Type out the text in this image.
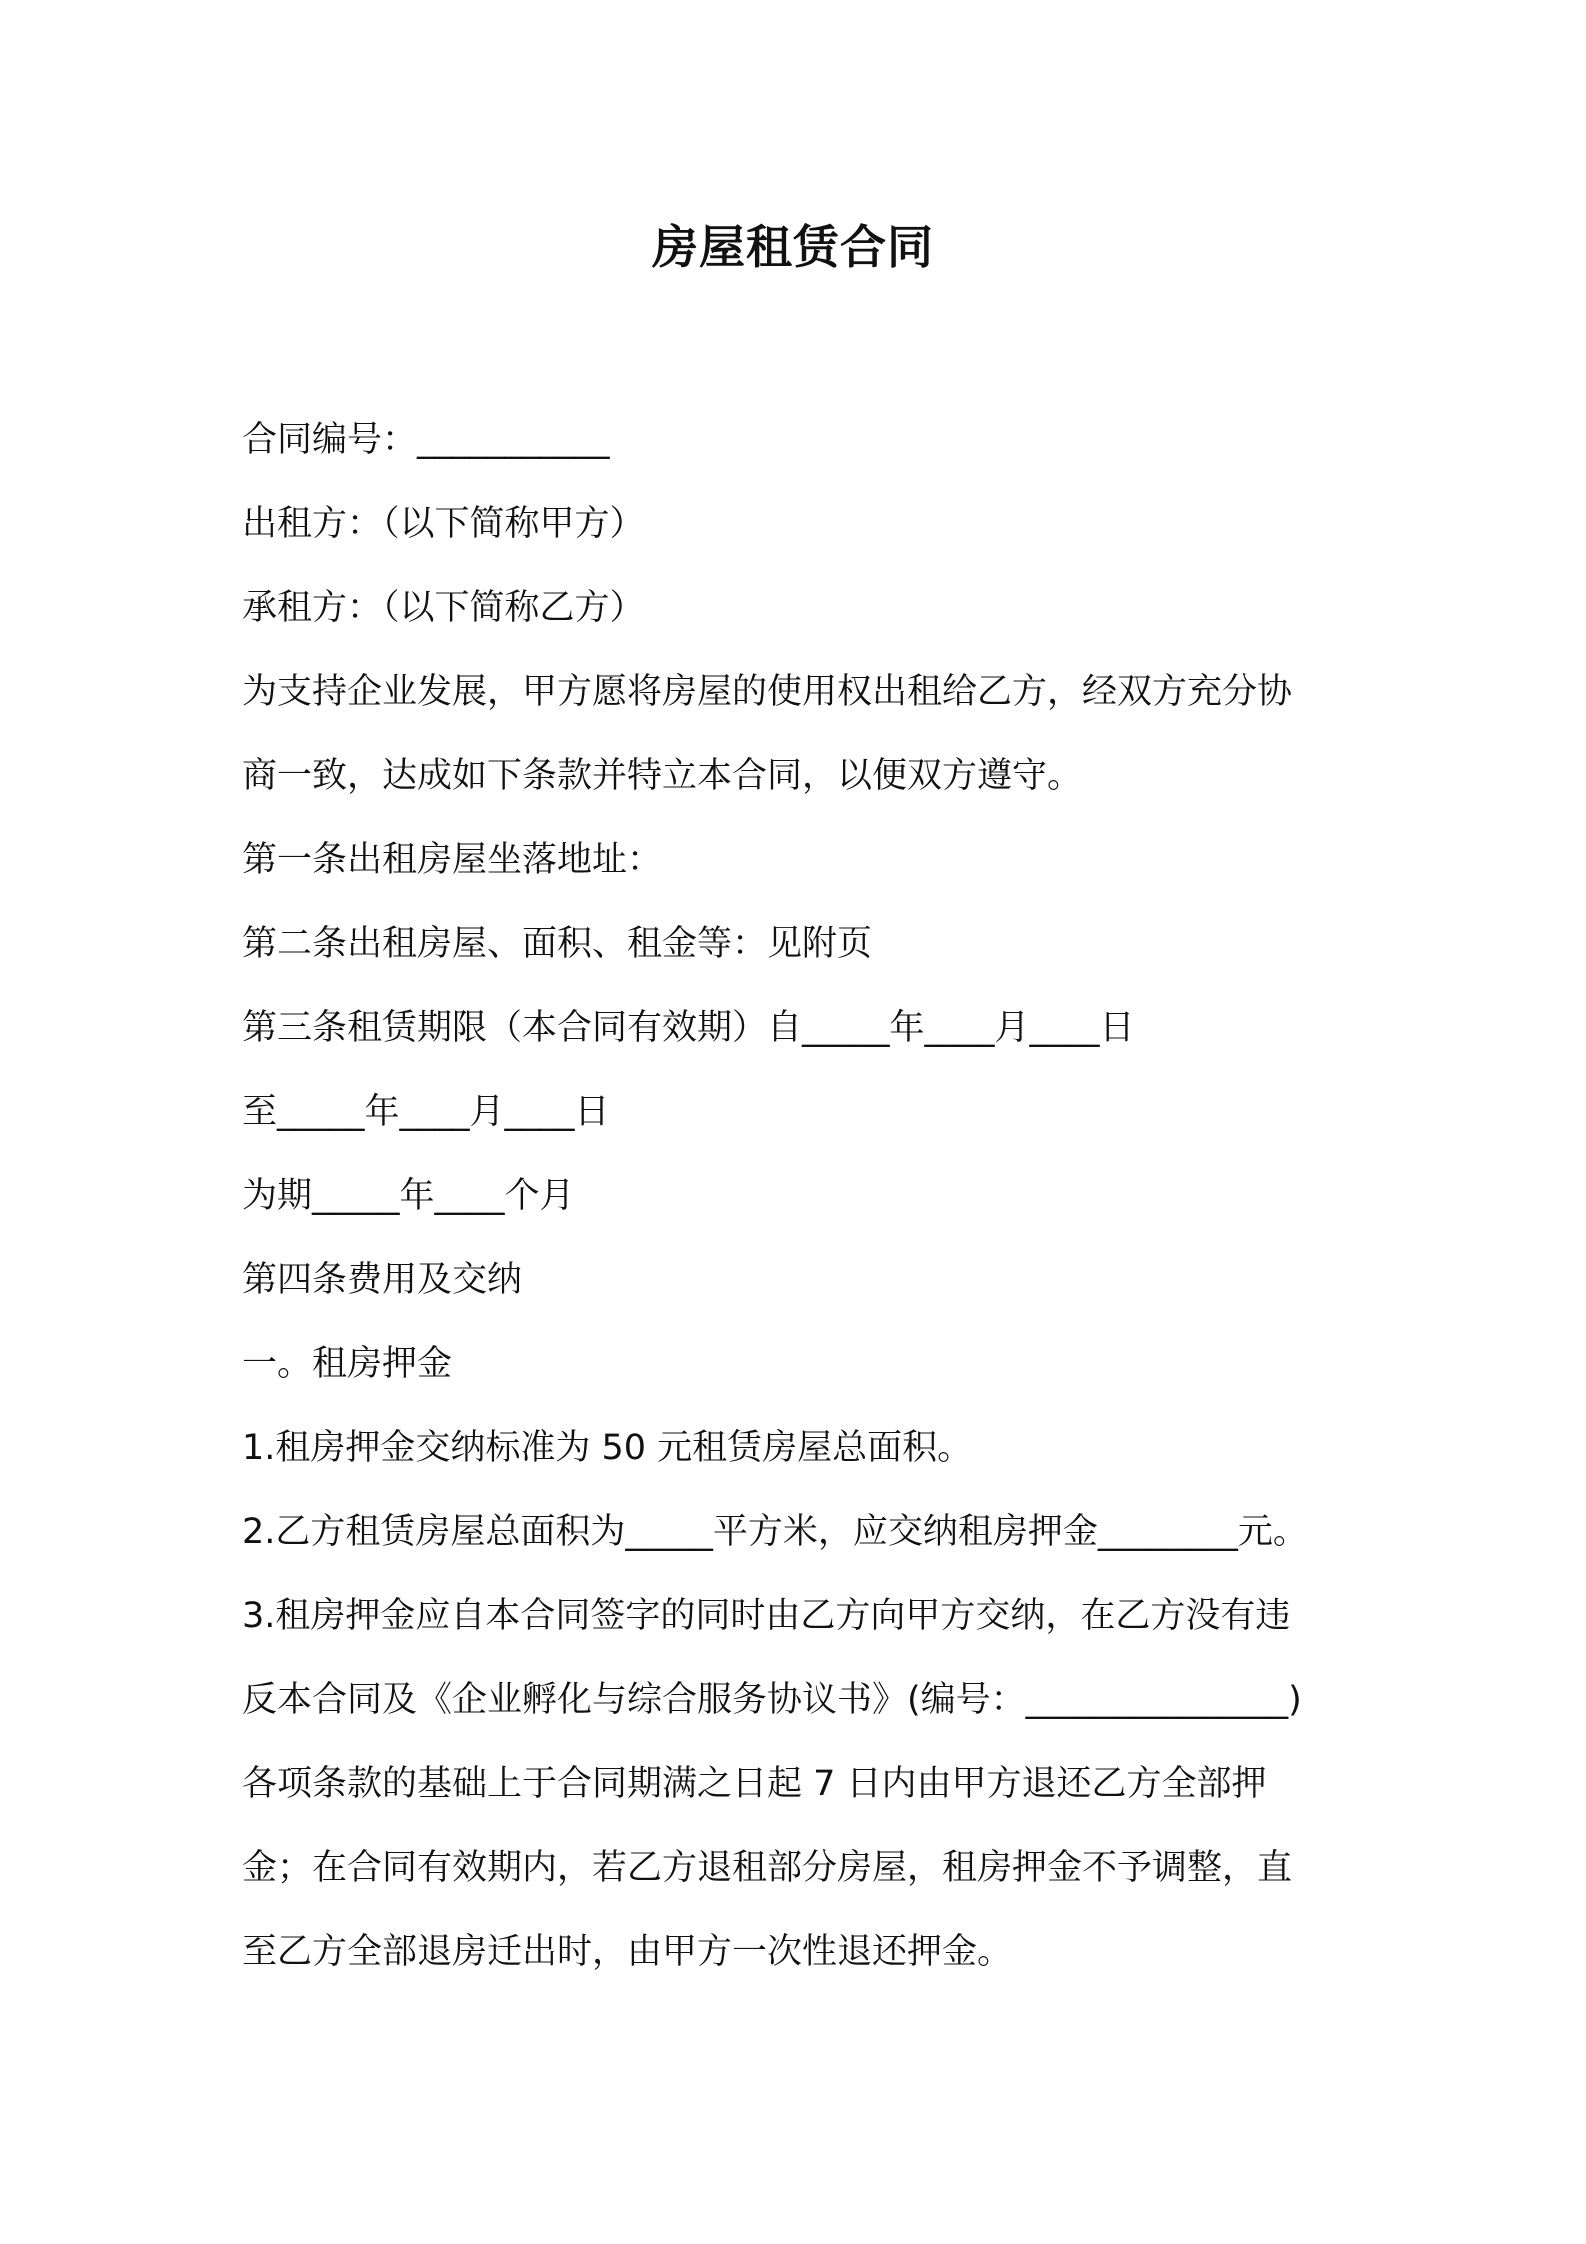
房屋租赁合同
合同编号：___________
出租方：（以下简称甲方）
承租方：（以下简称乙方）
为支持企业发展，甲方愿将房屋的使用权出租给乙方，经双方充分协
商一致，达成如下条款并特立本合同，以便双方遵守。
第一条出租房屋坐落地址：
第二条出租房屋、面积、租金等：见附页
第三条租赁期限（本合同有效期）自_____年____月____日
至_____年____月____日
为期_____年____个月
第四条费用及交纳
一。租房押金
1.租房押金交纳标准为 50 元租赁房屋总面积。
2.乙方租赁房屋总面积为_____平方米，应交纳租房押金________元。
3.租房押金应自本合同签字的同时由乙方向甲方交纳，在乙方没有违
反本合同及《企业孵化与综合服务协议书》(编号：_______________)
各项条款的基础上于合同期满之日起 7 日内由甲方退还乙方全部押
金；在合同有效期内，若乙方退租部分房屋，租房押金不予调整，直
至乙方全部退房迁出时，由甲方一次性退还押金。
